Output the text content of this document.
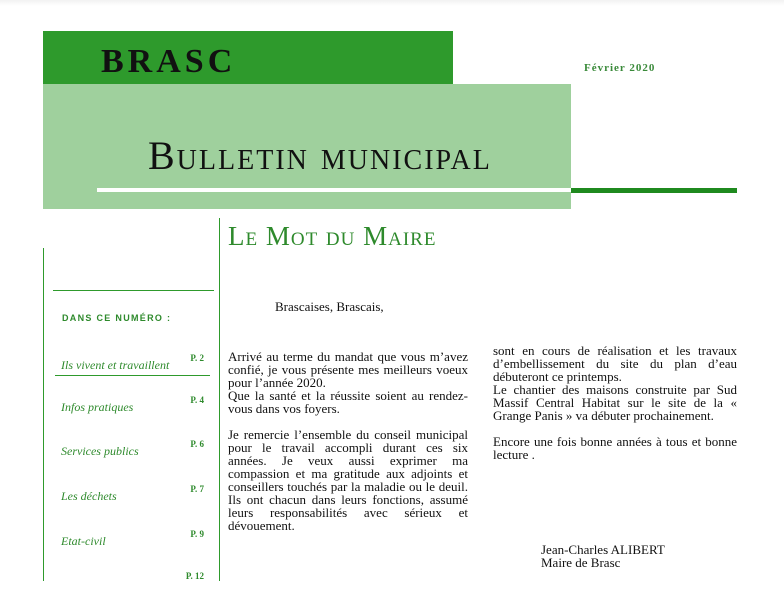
BRASC	Février 2020
Bulletin municipal
Le Mot du Maire
DANS CE NUMÉRO :
Ils vivent et travaillent P. 2
Infos pratiques	P. 4
Services publics	P. 6
Les déchets	P. 7
Etat-civil	P. 9
P. 12
Brascaises, Brascais,

Arrivé au terme du mandat que vous m’avez confié, je vous présente mes meilleurs voeux pour l’année 2020.

Que la santé et la réussite soient au rendez-vous dans vos foyers.

Je remercie l’ensemble du conseil municipal pour le travail accompli durant ces six années. Je veux aussi exprimer ma compassion et ma gratitude aux adjoints et conseillers touchés par la maladie ou le deuil. Ils ont chacun dans leurs fonctions, assumé leurs responsabilités avec sérieux et dévouement.

sont en cours de réalisation et les travaux d’embellissement du site du plan d’eau débuteront ce printemps.

Le chantier des maisons construite par Sud Massif Central Habitat sur le site de la « Grange Panis » va débuter prochainement.

Encore une fois bonne années à tous et bonne lecture .

Jean-Charles ALIBERT
Maire de Brasc
